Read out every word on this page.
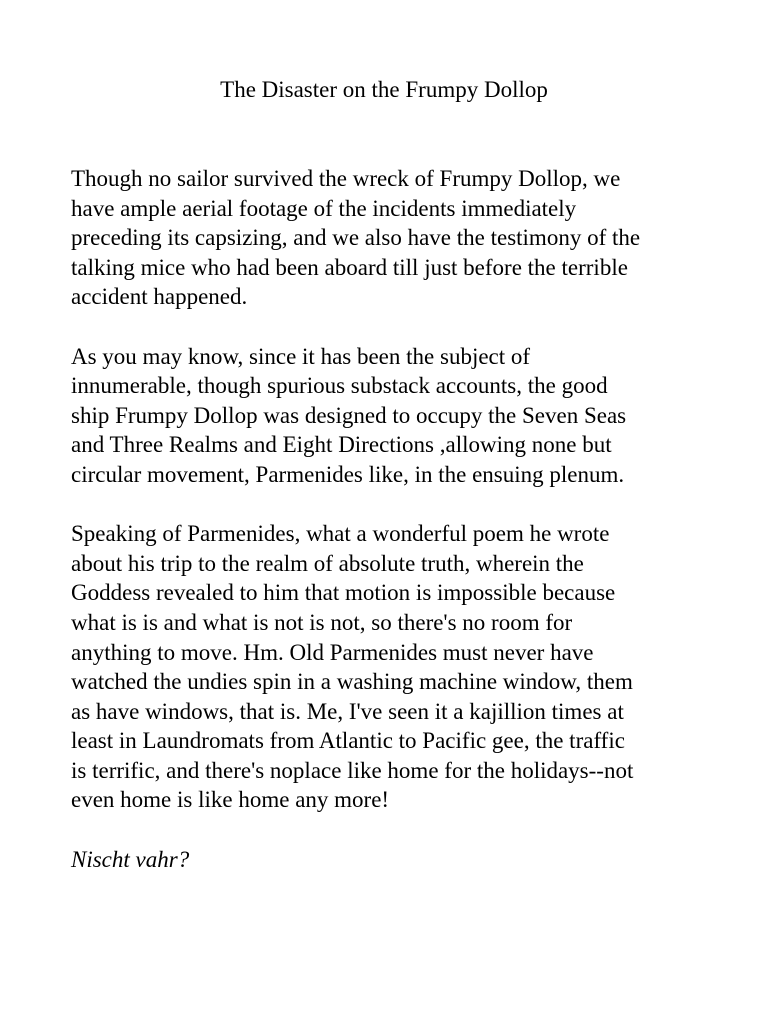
The Disaster on the Frumpy Dollop

Though no sailor survived the wreck of Frumpy Dollop, we
have ample aerial footage of the incidents immediately
preceding its capsizing, and we also have the testimony of the
talking mice who had been aboard till just before the terrible
accident happened.

As you may know, since it has been the subject of
innumerable, though spurious substack accounts, the good
ship Frumpy Dollop was designed to occupy the Seven Seas
and Three Realms and Eight Directions ,allowing none but
circular movement, Parmenides like, in the ensuing plenum.

Speaking of Parmenides, what a wonderful poem he wrote
about his trip to the realm of absolute truth, wherein the
Goddess revealed to him that motion is impossible because
what is is and what is not is not, so there's no room for
anything to move. Hm. Old Parmenides must never have
watched the undies spin in a washing machine window, them
as have windows, that is. Me, I've seen it a kajillion times at
least in Laundromats from Atlantic to Pacific gee, the traffic
is terrific, and there's noplace like home for the holidays--not
even home is like home any more!

Nischt vahr?
